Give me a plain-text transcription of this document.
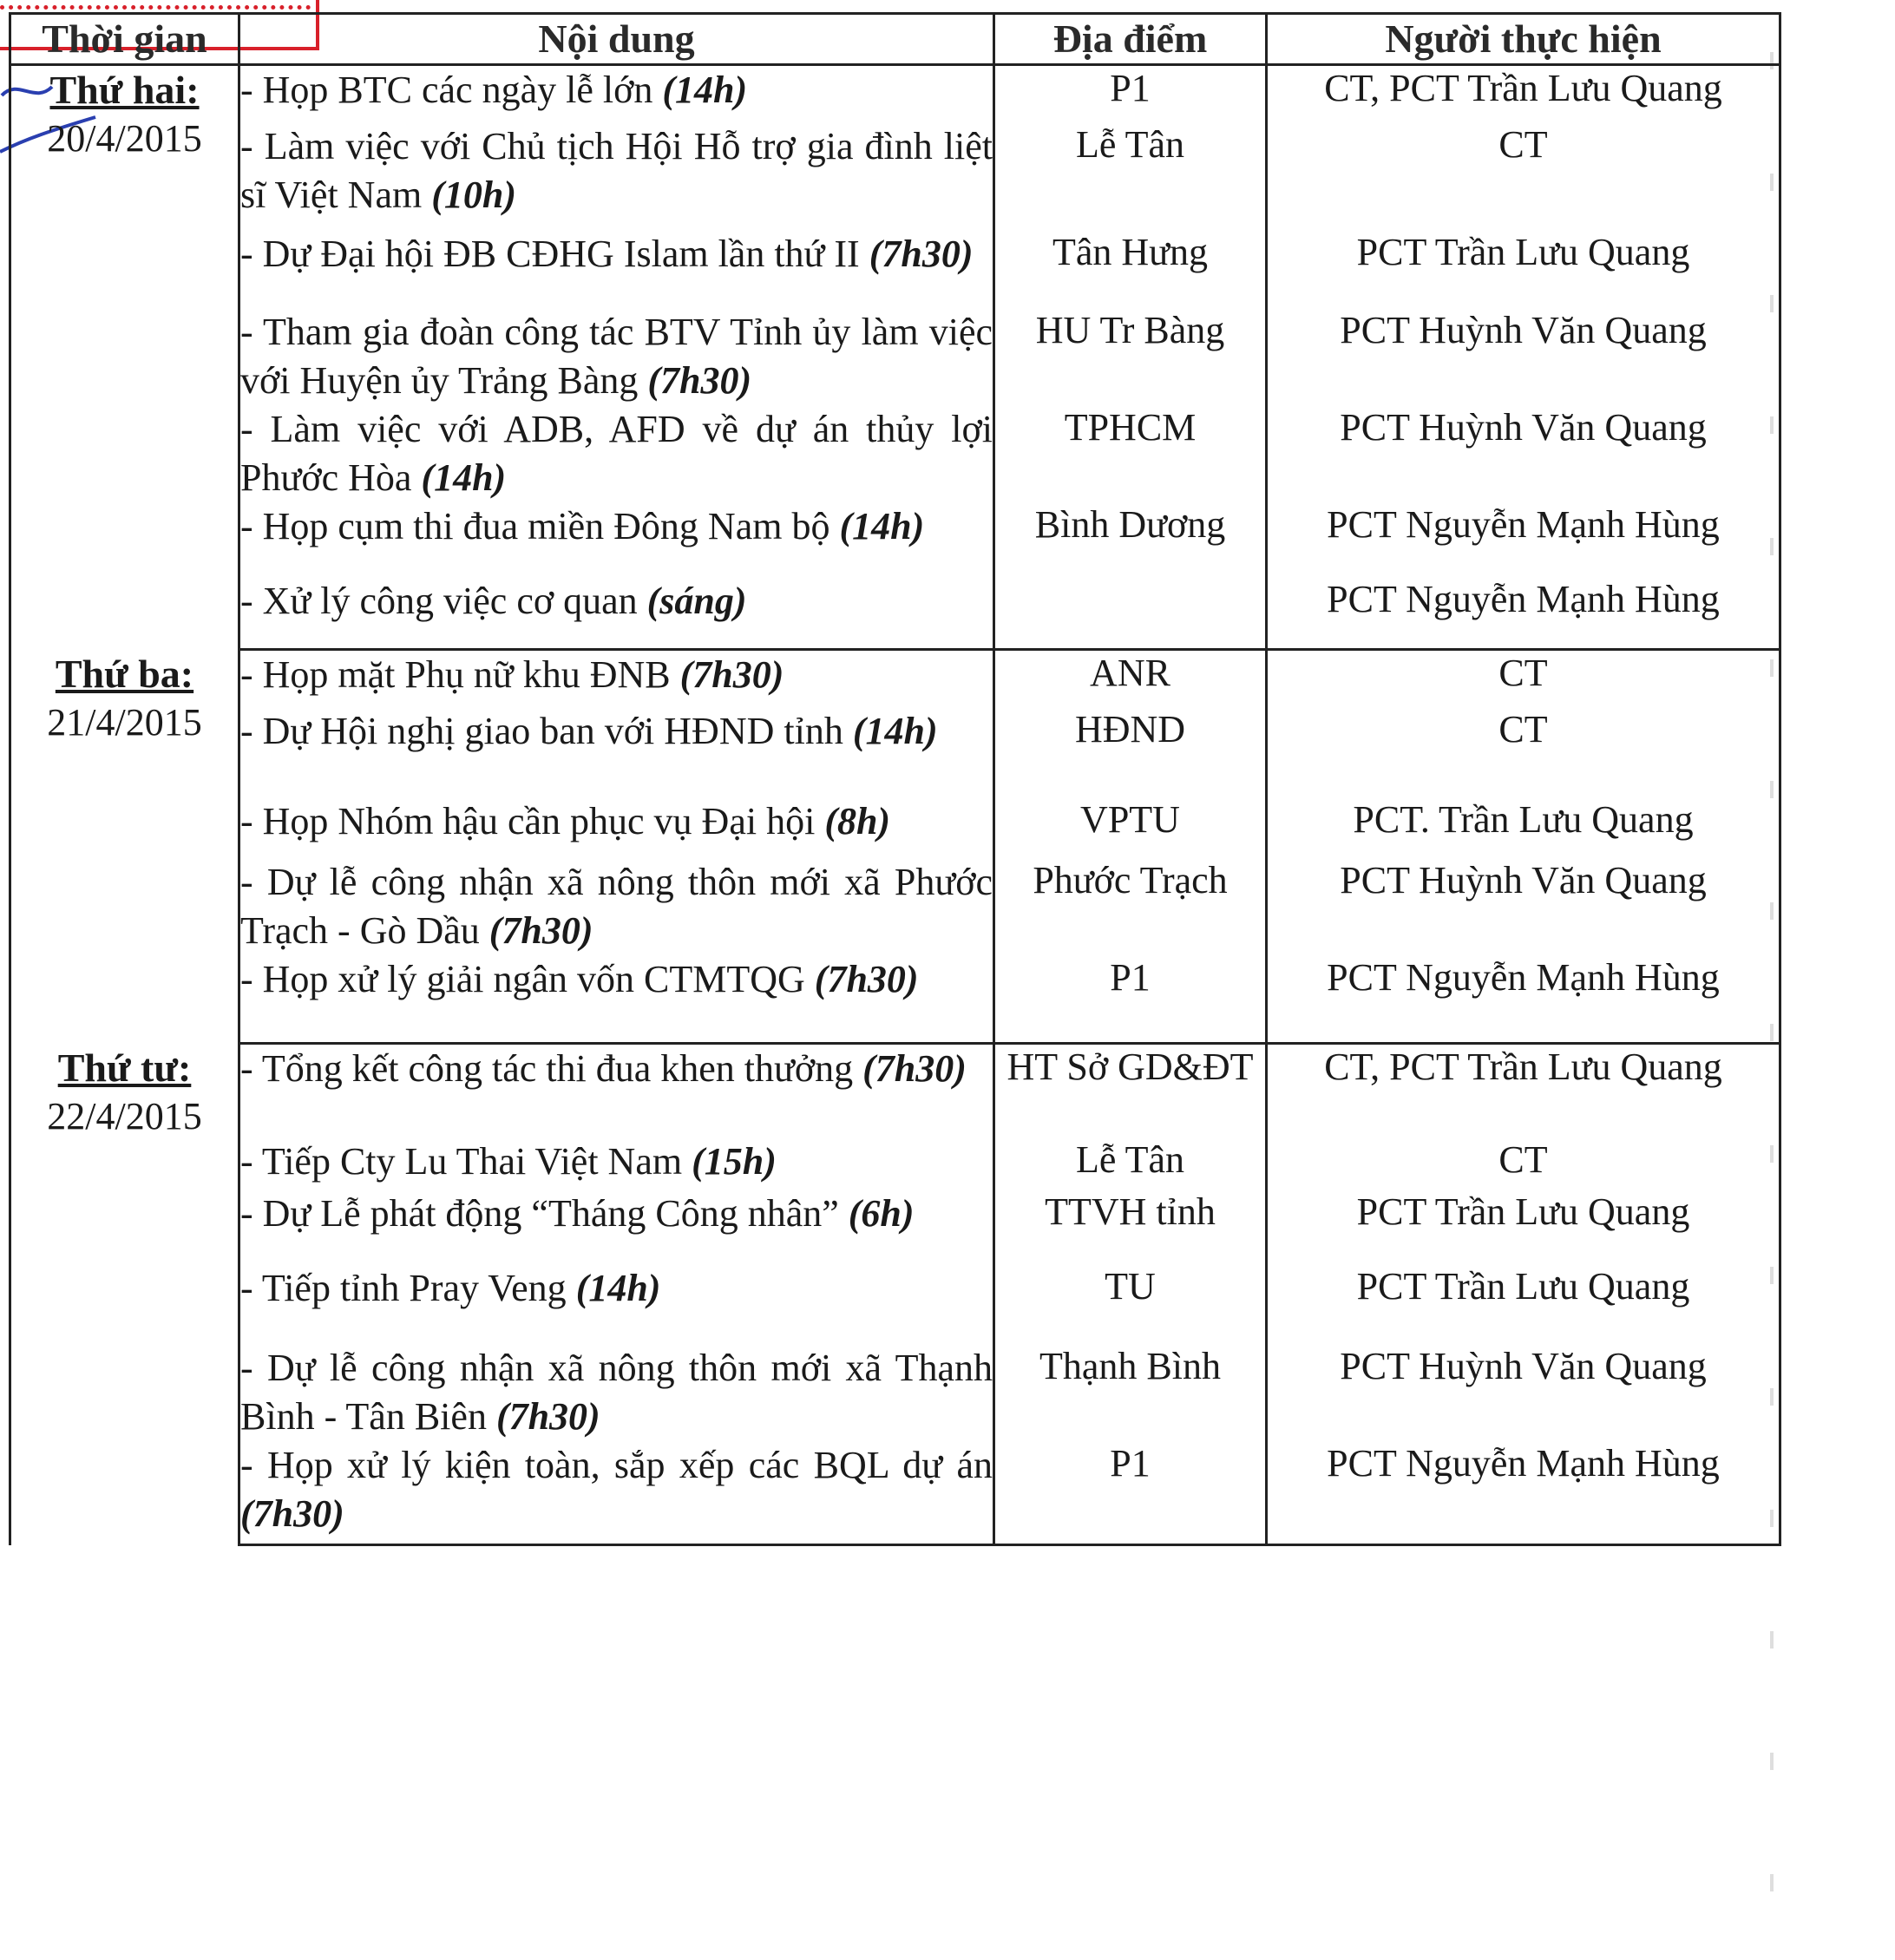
Thời gian	Nội dung	Địa điểm	Người thực hiện

Thứ hai:
20/4/2015	- Họp BTC các ngày lễ lớn (14h)	P1	CT, PCT Trần Lưu Quang

	- Làm việc với Chủ tịch Hội Hỗ trợ gia đình liệt sĩ Việt Nam (10h)	Lễ Tân	CT

	- Dự Đại hội ĐB CĐHG Islam lần thứ II (7h30)	Tân Hưng	PCT Trần Lưu Quang

	- Tham gia đoàn công tác BTV Tỉnh ủy làm việc với Huyện ủy Trảng Bàng (7h30)	HU Tr Bàng	PCT Huỳnh Văn Quang

	- Làm việc với ADB, AFD về dự án thủy lợi Phước Hòa (14h)	TPHCM	PCT Huỳnh Văn Quang

	- Họp cụm thi đua miền Đông Nam bộ (14h)	Bình Dương	PCT Nguyễn Mạnh Hùng

	- Xử lý công việc cơ quan (sáng)		PCT Nguyễn Mạnh Hùng

Thứ ba:
21/4/2015	- Họp mặt Phụ nữ khu ĐNB (7h30)	ANR	CT

	- Dự Hội nghị giao ban với HĐND tỉnh (14h)	HĐND	CT

	- Họp Nhóm hậu cần phục vụ Đại hội (8h)	VPTU	PCT. Trần Lưu Quang

	- Dự lễ công nhận xã nông thôn mới xã Phước Trạch - Gò Dầu (7h30)	Phước Trạch	PCT Huỳnh Văn Quang

	- Họp xử lý giải ngân vốn CTMTQG (7h30)	P1	PCT Nguyễn Mạnh Hùng

Thứ tư:
22/4/2015	- Tổng kết công tác thi đua khen thưởng (7h30)	HT Sở GD&ĐT	CT, PCT Trần Lưu Quang

	- Tiếp Cty Lu Thai Việt Nam (15h)	Lễ Tân	CT

	- Dự Lễ phát động “Tháng Công nhân” (6h)	TTVH tỉnh	PCT Trần Lưu Quang

	- Tiếp tỉnh Pray Veng (14h)	TU	PCT Trần Lưu Quang

	- Dự lễ công nhận xã nông thôn mới xã Thạnh Bình - Tân Biên (7h30)	Thạnh Bình	PCT Huỳnh Văn Quang

	- Họp xử lý kiện toàn, sắp xếp các BQL dự án (7h30)	P1	PCT Nguyễn Mạnh Hùng
